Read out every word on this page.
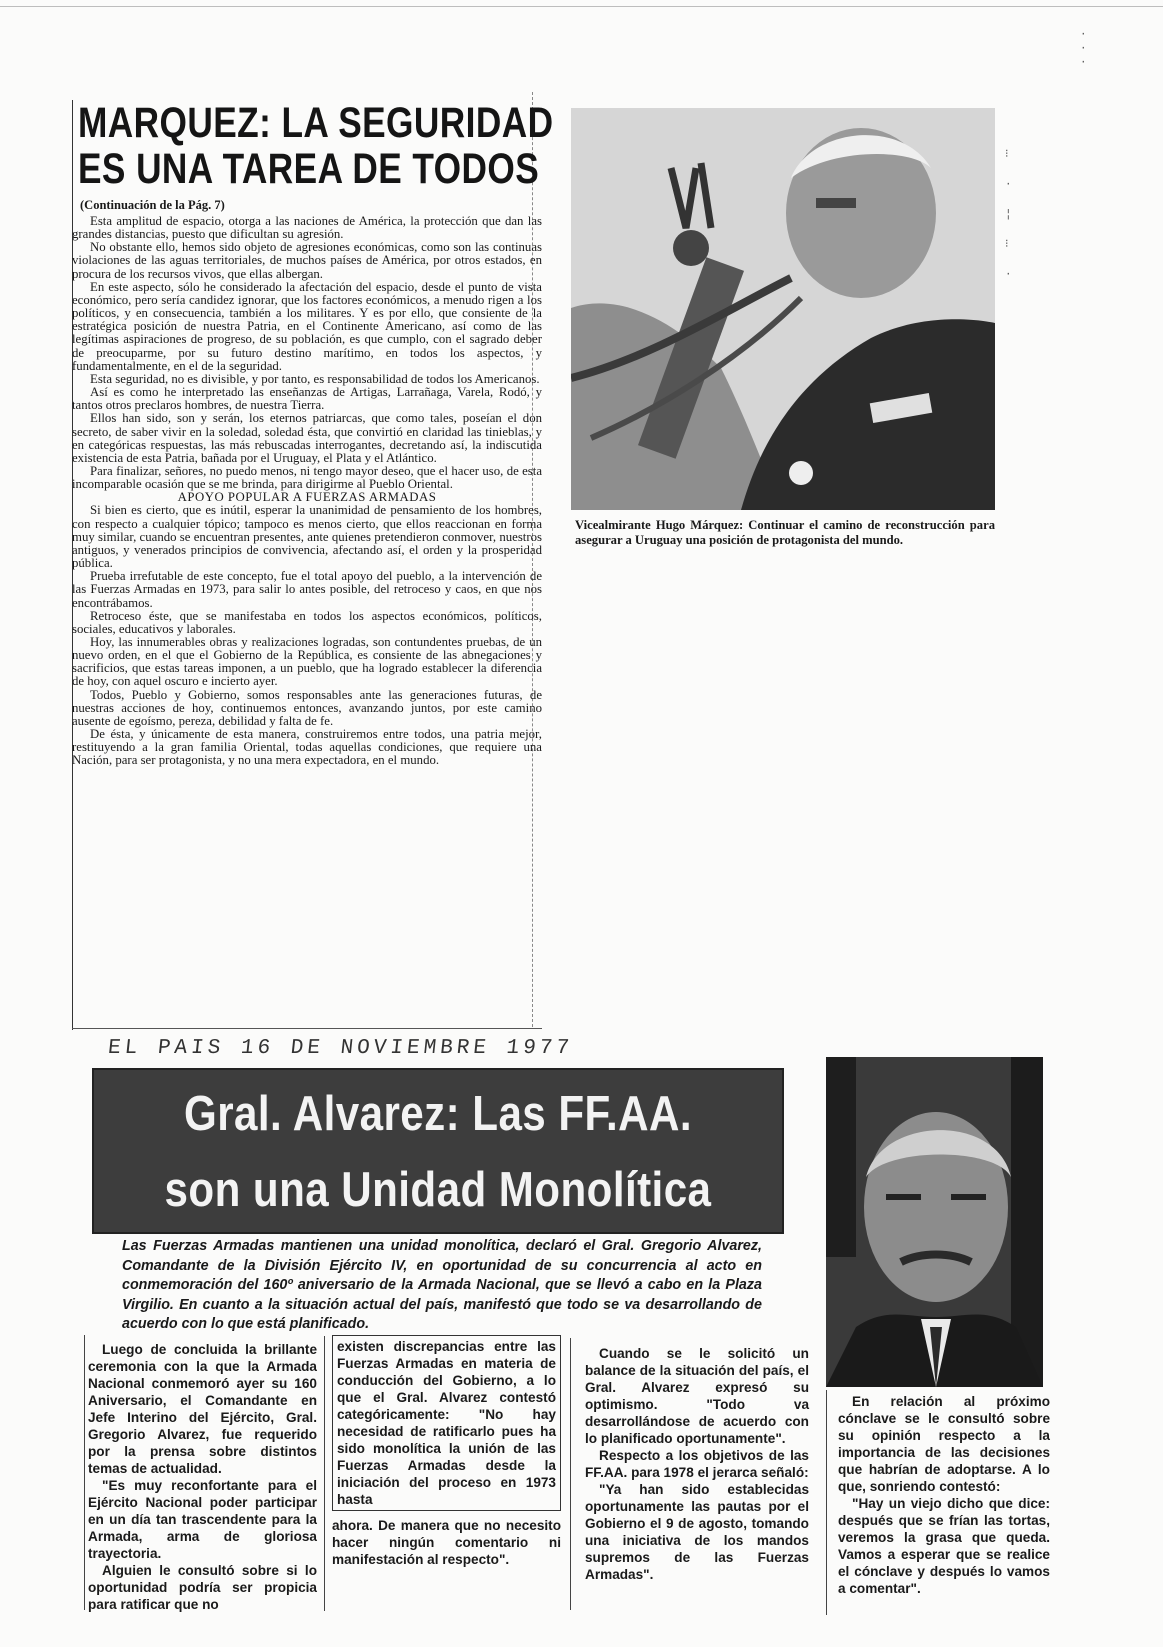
MARQUEZ: LA SEGURIDAD
ES UNA TAREA DE TODOS
(Continuación de la Pág. 7)

Esta amplitud de espacio, otorga a las naciones de América, la protección que dan las grandes distancias, puesto que dificultan su agresión.

No obstante ello, hemos sido objeto de agresiones económicas, como son las continuas violaciones de las aguas territoriales, de muchos países de América, por otros estados, en procura de los recursos vivos, que ellas albergan.

En este aspecto, sólo he considerado la afectación del espacio, desde el punto de vista económico, pero sería candidez ignorar, que los factores económicos, a menudo rigen a los políticos, y en consecuencia, también a los militares. Y es por ello, que consiente de la estratégica posición de nuestra Patria, en el Continente Americano, así como de las legítimas aspiraciones de progreso, de su población, es que cumplo, con el sagrado deber de preocuparme, por su futuro destino marítimo, en todos los aspectos, y fundamentalmente, en el de la seguridad.

Esta seguridad, no es divisible, y por tanto, es responsabilidad de todos los Americanos.

Así es como he interpretado las enseñanzas de Artigas, Larrañaga, Varela, Rodó, y tantos otros preclaros hombres, de nuestra Tierra.

Ellos han sido, son y serán, los eternos patriarcas, que como tales, poseían el don secreto, de saber vivir en la soledad, soledad ésta, que convirtió en claridad las tinieblas, y en categóricas respuestas, las más rebuscadas interrogantes, decretando así, la indiscutida existencia de esta Patria, bañada por el Uruguay, el Plata y el Atlántico.

Para finalizar, señores, no puedo menos, ni tengo mayor deseo, que el hacer uso, de esta incomparable ocasión que se me brinda, para dirigirme al Pueblo Oriental.

APOYO POPULAR A FUERZAS ARMADAS

Si bien es cierto, que es inútil, esperar la unanimidad de pensamiento de los hombres, con respecto a cualquier tópico; tampoco es menos cierto, que ellos reaccionan en forma muy similar, cuando se encuentran presentes, ante quienes pretendieron conmover, nuestros antiguos, y venerados principios de convivencia, afectando así, el orden y la prosperidad pública.

Prueba irrefutable de este concepto, fue el total apoyo del pueblo, a la intervención de las Fuerzas Armadas en 1973, para salir lo antes posible, del retroceso y caos, en que nos encontrábamos.

Retroceso éste, que se manifestaba en todos los aspectos económicos, políticos, sociales, educativos y laborales.

Hoy, las innumerables obras y realizaciones logradas, son contundentes pruebas, de un nuevo orden, en el que el Gobierno de la República, es consiente de las abnegaciones y sacrificios, que estas tareas imponen, a un pueblo, que ha logrado establecer la diferencia de hoy, con aquel oscuro e incierto ayer.

Todos, Pueblo y Gobierno, somos responsables ante las generaciones futuras, de nuestras acciones de hoy, continuemos entonces, avanzando juntos, por este camino ausente de egoísmo, pereza, debilidad y falta de fe.

De ésta, y únicamente de esta manera, construiremos entre todos, una patria mejor, restituyendo a la gran familia Oriental, todas aquellas condiciones, que requiere una Nación, para ser protagonista, y no una mera expectadora, en el mundo.

Vicealmirante Hugo Márquez: Continuar el camino de reconstrucción para asegurar a Uruguay una posición de protagonista del mundo.
⁝
·
¦
⁝
·
·
·
·
EL PAIS 16 DE NOVIEMBRE 1977
Gral. Alvarez: Las FF.AA.
son una Unidad Monolítica
Las Fuerzas Armadas mantienen una unidad monolítica, declaró el Gral. Gregorio Alvarez, Comandante de la División Ejército IV, en oportunidad de su concurrencia al acto en conmemoración del 160º aniversario de la Armada Nacional, que se llevó a cabo en la Plaza Virgilio. En cuanto a la situación actual del país, manifestó que todo se va desarrollando de acuerdo con lo que está planificado.

Luego de concluida la brillante ceremonia con la que la Armada Nacional conmemoró ayer su 160 Aniversario, el Comandante en Jefe Interino del Ejército, Gral. Gregorio Alvarez, fue requerido por la prensa sobre distintos temas de actualidad.

"Es muy reconfortante para el Ejército Nacional poder participar en un día tan trascendente para la Armada, arma de gloriosa trayectoria.

Alguien le consultó sobre si lo oportunidad podría ser propicia para ratificar que no

existen discrepancias entre las Fuerzas Armadas en materia de conducción del Gobierno, a lo que el Gral. Alvarez contestó categóricamente: "No hay necesidad de ratificarlo pues ha sido monolítica la unión de las Fuerzas Armadas desde la iniciación del proceso en 1973 hasta

ahora. De manera que no necesito hacer ningún comentario ni manifestación al respecto".

Cuando se le solicitó un balance de la situación del país, el Gral. Alvarez expresó su optimismo. "Todo va desarrollándose de acuerdo con lo planificado oportunamente".

Respecto a los objetivos de las FF.AA. para 1978 el jerarca señaló:

"Ya han sido establecidas oportunamente las pautas por el Gobierno el 9 de agosto, tomando una iniciativa de los mandos supremos de las Fuerzas Armadas".

En relación al próximo cónclave se le consultó sobre su opinión respecto a la importancia de las decisiones que habrían de adoptarse. A lo que, sonriendo contestó:

"Hay un viejo dicho que dice: después que se frían las tortas, veremos la grasa que queda. Vamos a esperar que se realice el cónclave y después lo vamos a comentar".
